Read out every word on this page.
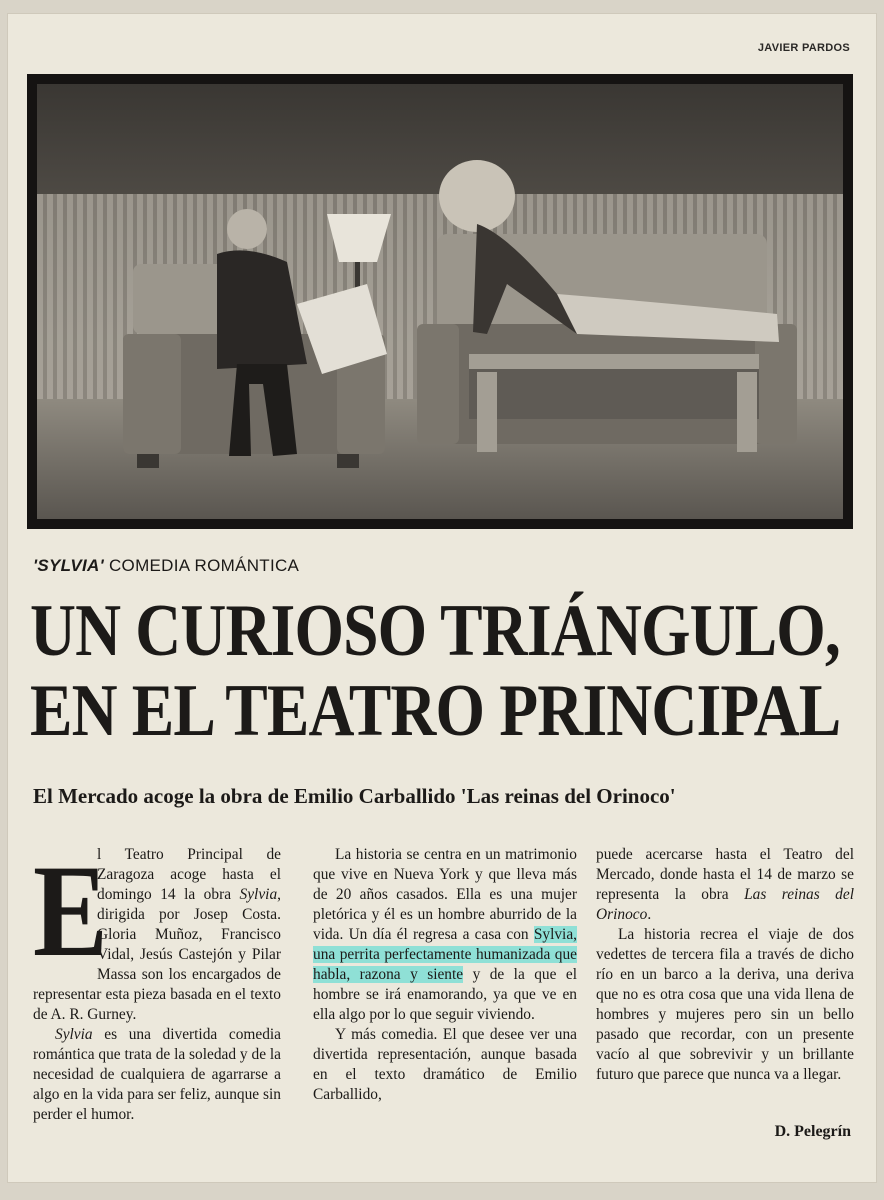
JAVIER PARDOS
'SYLVIA' COMEDIA ROMÁNTICA
UN CURIOSO TRIÁNGULO,
EN EL TEATRO PRINCIPAL
El Mercado acoge la obra de Emilio Carballido 'Las reinas del Orinoco'

E
l Teatro Principal de Zaragoza acoge hasta el domingo 14 la obra Sylvia, dirigida por Josep Costa. Gloria Muñoz, Francisco Vidal, Jesús Castejón y Pilar Massa son los encargados de representar esta pieza basada en el texto de A. R. Gurney.

Sylvia es una divertida comedia romántica que trata de la soledad y de la necesidad de cualquiera de agarrarse a algo en la vida para ser feliz, aunque sin perder el humor.

La historia se centra en un matrimonio que vive en Nueva York y que lleva más de 20 años casados. Ella es una mujer pletórica y él es un hombre aburrido de la vida. Un día él regresa a casa con Sylvia, una perrita perfectamente humanizada que habla, razona y siente y de la que el hombre se irá enamorando, ya que ve en ella algo por lo que seguir viviendo.

Y más comedia. El que desee ver una divertida representación, aunque basada en el texto dramático de Emilio Carballido,

puede acercarse hasta el Teatro del Mercado, donde hasta el 14 de marzo se representa la obra Las reinas del Orinoco.

La historia recrea el viaje de dos vedettes de tercera fila a través de dicho río en un barco a la deriva, una deriva que no es otra cosa que una vida llena de hombres y mujeres pero sin un bello pasado que recordar, con un presente vacío al que sobrevivir y un brillante futuro que parece que nunca va a llegar.

D. Pelegrín
